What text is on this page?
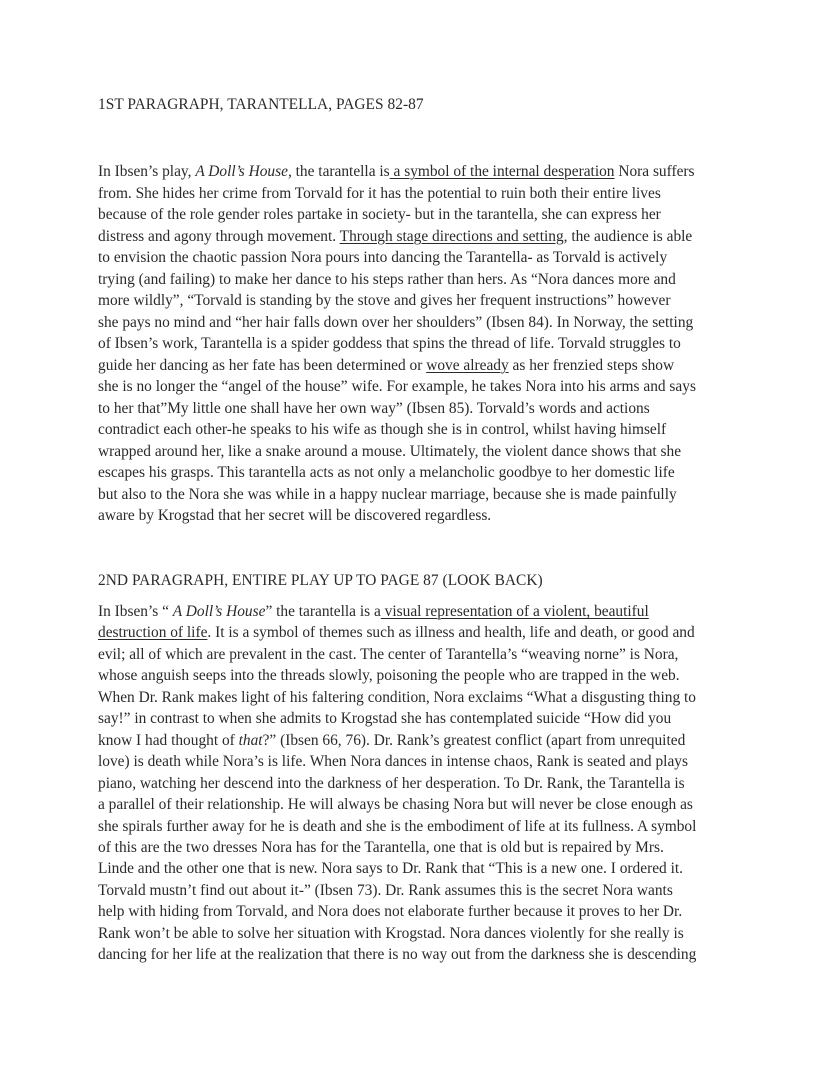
1ST PARAGRAPH, TARANTELLA, PAGES 82-87
In Ibsen’s play, A Doll’s House, the tarantella is a symbol of the internal desperation Nora suffers
from. She hides her crime from Torvald for it has the potential to ruin both their entire lives
because of the role gender roles partake in society- but in the tarantella, she can express her
distress and agony through movement. Through stage directions and setting, the audience is able
to envision the chaotic passion Nora pours into dancing the Tarantella- as Torvald is actively
trying (and failing) to make her dance to his steps rather than hers. As “Nora dances more and
more wildly”, “Torvald is standing by the stove and gives her frequent instructions” however
she pays no mind and “her hair falls down over her shoulders” (Ibsen 84). In Norway, the setting
of Ibsen’s work, Tarantella is a spider goddess that spins the thread of life. Torvald struggles to
guide her dancing as her fate has been determined or wove already as her frenzied steps show
she is no longer the “angel of the house” wife. For example, he takes Nora into his arms and says
to her that”My little one shall have her own way” (Ibsen 85). Torvald’s words and actions
contradict each other-he speaks to his wife as though she is in control, whilst having himself
wrapped around her, like a snake around a mouse. Ultimately, the violent dance shows that she
escapes his grasps. This tarantella acts as not only a melancholic goodbye to her domestic life
but also to the Nora she was while in a happy nuclear marriage, because she is made painfully
aware by Krogstad that her secret will be discovered regardless.
2ND PARAGRAPH, ENTIRE PLAY UP TO PAGE 87 (LOOK BACK)
In Ibsen’s “ A Doll’s House” the tarantella is a visual representation of a violent, beautiful
destruction of life. It is a symbol of themes such as illness and health, life and death, or good and
evil; all of which are prevalent in the cast. The center of Tarantella’s “weaving norne” is Nora,
whose anguish seeps into the threads slowly, poisoning the people who are trapped in the web.
When Dr. Rank makes light of his faltering condition, Nora exclaims “What a disgusting thing to
say!” in contrast to when she admits to Krogstad she has contemplated suicide “How did you
know I had thought of that?” (Ibsen 66, 76). Dr. Rank’s greatest conflict (apart from unrequited
love) is death while Nora’s is life. When Nora dances in intense chaos, Rank is seated and plays
piano, watching her descend into the darkness of her desperation. To Dr. Rank, the Tarantella is
a parallel of their relationship. He will always be chasing Nora but will never be close enough as
she spirals further away for he is death and she is the embodiment of life at its fullness. A symbol
of this are the two dresses Nora has for the Tarantella, one that is old but is repaired by Mrs.
Linde and the other one that is new. Nora says to Dr. Rank that “This is a new one. I ordered it.
Torvald mustn’t find out about it-” (Ibsen 73). Dr. Rank assumes this is the secret Nora wants
help with hiding from Torvald, and Nora does not elaborate further because it proves to her Dr.
Rank won’t be able to solve her situation with Krogstad. Nora dances violently for she really is
dancing for her life at the realization that there is no way out from the darkness she is descending
